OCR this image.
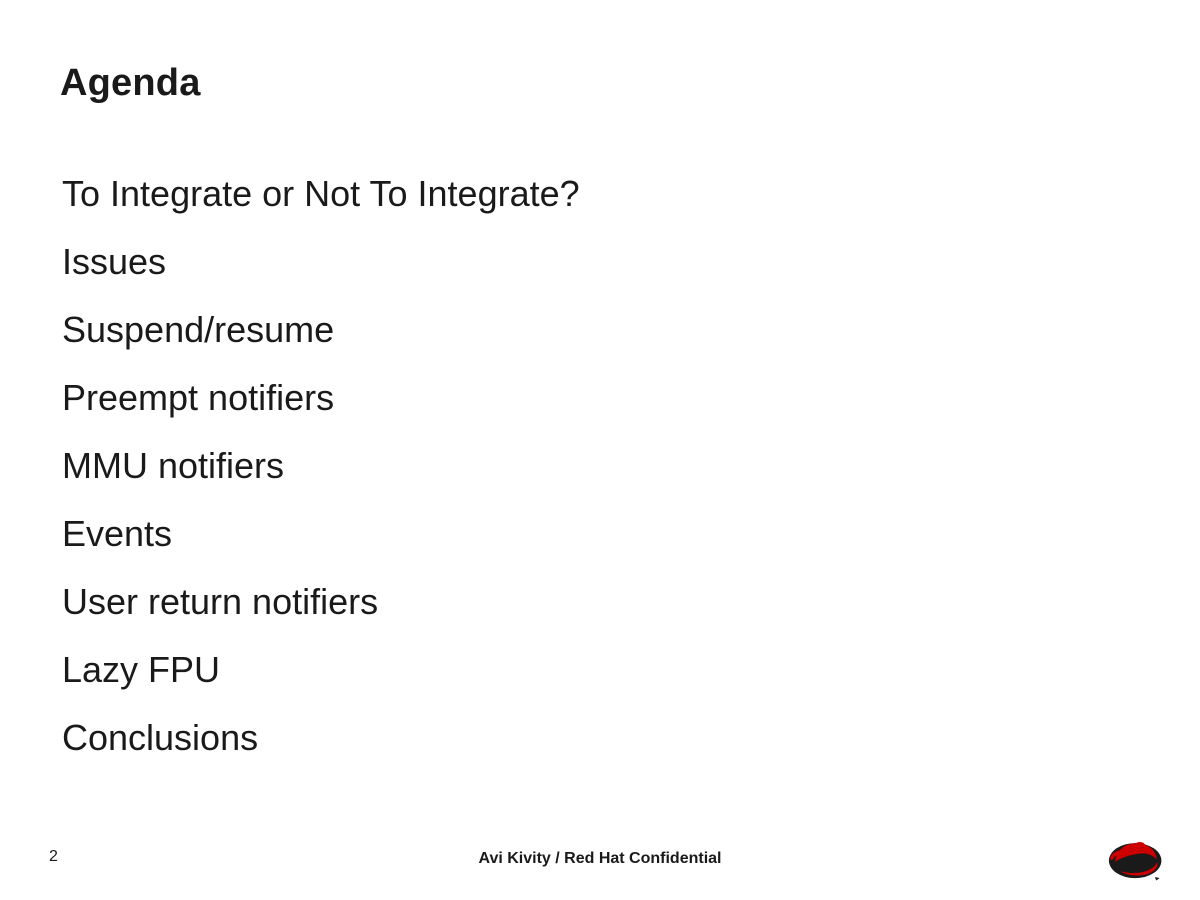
Agenda
To Integrate or Not To Integrate?
Issues
Suspend/resume
Preempt notifiers
MMU notifiers
Events
User return notifiers
Lazy FPU
Conclusions
2	Avi Kivity / Red Hat Confidential
